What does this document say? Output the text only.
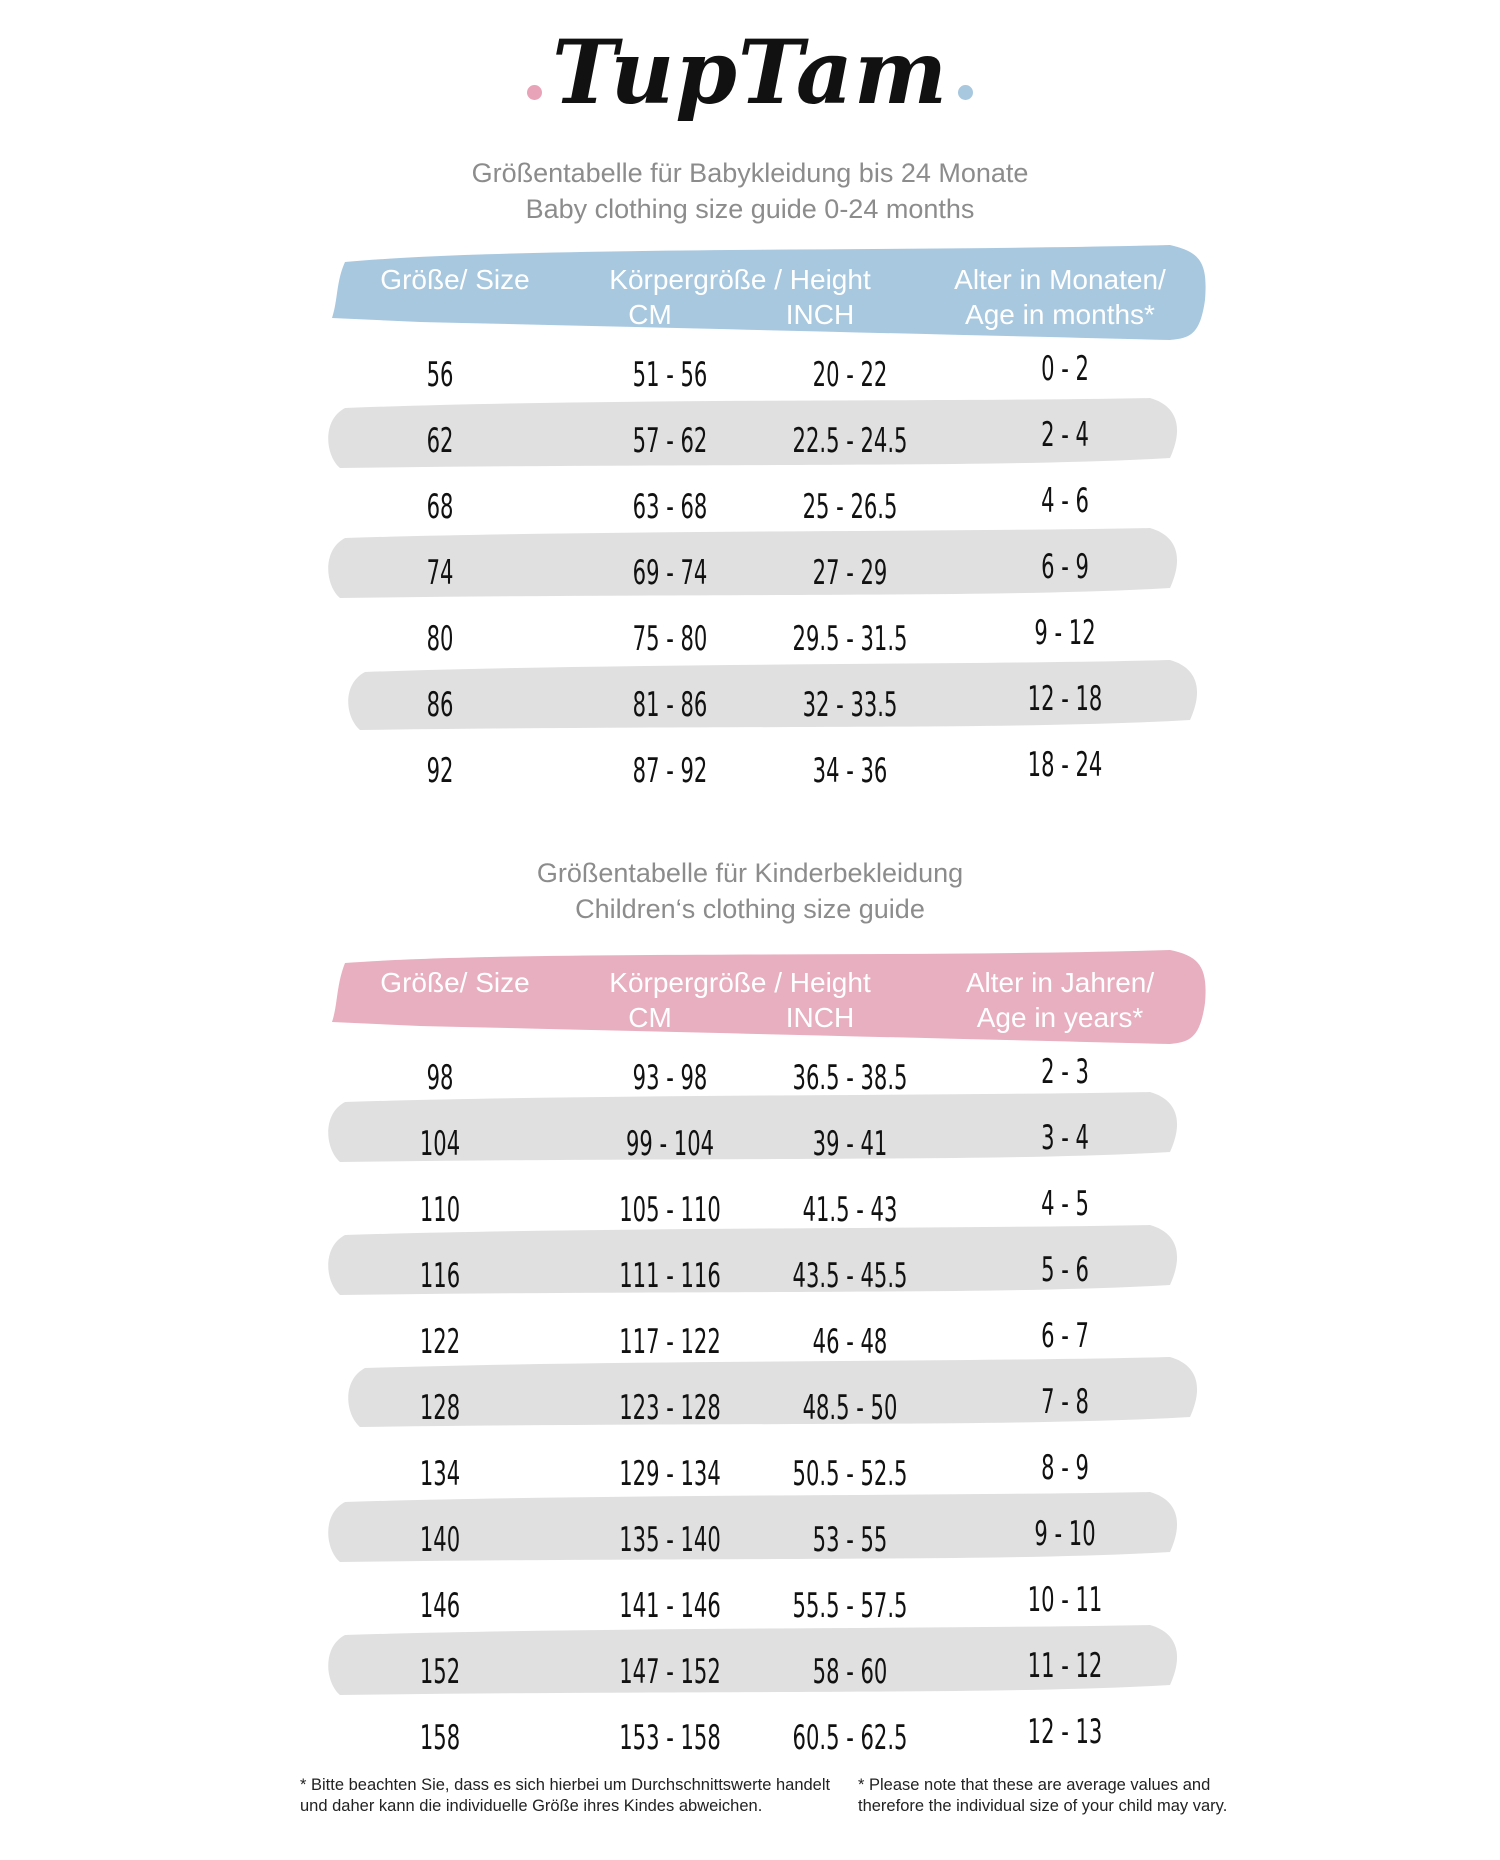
TupTam
Größentabelle für Babykleidung bis 24 Monate
Baby clothing size guide 0-24 months
Größe/ Size	Körpergröße / Height
CM	INCH
Alter in Monaten/
Age in months*
56	51 - 56	20 - 22	0 - 2
62	57 - 62	22.5 - 24.5	2 - 4
68	63 - 68	25 - 26.5	4 - 6
74	69 - 74	27 - 29	6 - 9
80	75 - 80	29.5 - 31.5	9 - 12
86	81 - 86	32 - 33.5	12 - 18
92	87 - 92	34 - 36	18 - 24
Größentabelle für Kinderbekleidung
Children‘s clothing size guide
Größe/ Size	Körpergröße / Height
CM	INCH
Alter in Jahren/
Age in years*
98	93 - 98	36.5 - 38.5	2 - 3
104	99 - 104	39 - 41	3 - 4
110	105 - 110	41.5 - 43	4 - 5
116	111 - 116	43.5 - 45.5	5 - 6
122	117 - 122	46 - 48	6 - 7
128	123 - 128	48.5 - 50	7 - 8
134	129 - 134	50.5 - 52.5	8 - 9
140	135 - 140	53 - 55	9 - 10
146	141 - 146	55.5 - 57.5	10 - 11
152	147 - 152	58 - 60	11 - 12
158	153 - 158	60.5 - 62.5	12 - 13
* Bitte beachten Sie, dass es sich hierbei um Durchschnittswerte handelt
und daher kann die individuelle Größe ihres Kindes abweichen.
* Please note that these are average values and
therefore the individual size of your child may vary.
